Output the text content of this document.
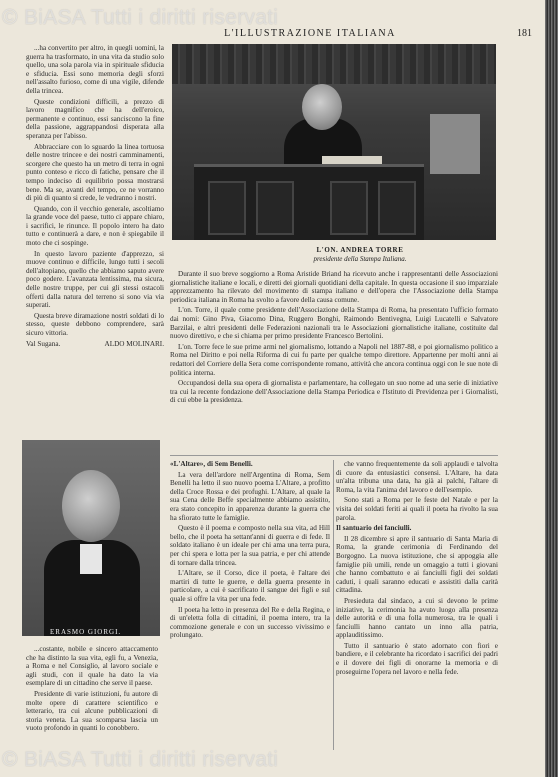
L'ILLUSTRAZIONE ITALIANA	181

...ha convertito per altro, in quegli uomini, la guerra ha trasformato, in una vita da studio solo quello, una sola parola via in spirituale sfiducia e sfiducia. Essi sono memoria degli sforzi nell'assalto furioso, come di una vigile, difende della trincea.

Queste condizioni difficili, a prezzo di lavoro magnifico che ha dell'eroico, permanente e continuo, essi sanciscono la fine della passione, aggrappandosi disperata alla speranza per l'abisso.

Abbracciare con lo sguardo la linea tortuosa delle nostre trincee e dei nostri camminamenti, scorgere che questo ha un metro di terra in ogni punto conteso e ricco di fatiche, pensare che il tempo indeciso di equilibrio possa mostrarsi bene. Ma se, avanti del tempo, ce ne vorranno di più di quanto si crede, le vedranno i nostri.

Quando, con il vecchio generale, ascoltiamo la grande voce del paese, tutto ci appare chiaro, i sacrifici, le rinunce. Il popolo intero ha dato tutto e continuerà a dare, e non è spiegabile il moto che ci sospinge.

In questo lavoro paziente d'apprezzo, si muove continuo e difficile, lungo tutti i secoli dell'altopiano, quello che abbiamo saputo avere poco godere. L'avanzata lentissima, ma sicura, delle nostre truppe, per cui gli stessi ostacoli offerti dalla natura del terreno si sono via via superati.

Questa breve diramazione nostri soldati di lo stesso, queste debbono comprendere, sarà sicuro vittoria.

Val Sugana.	ALDO MOLINARI.
L'ON. ANDREA TORRE
presidente della Stampa Italiana.

Durante il suo breve soggiorno a Roma Aristide Briand ha ricevuto anche i rappresentanti delle Associazioni giornalistiche italiane e locali, e diretti dei giornali quotidiani della capitale. In questa occasione il suo imparziale apprezzamento ha rilevato del movimento di stampa italiano e dell'opera che l'Associazione della Stampa periodica italiana in Roma ha svolto a favore della causa comune.

L'on. Torre, il quale come presidente dell'Associazione della Stampa di Roma, ha presentato l'ufficio formato dai nomi: Gino Piva, Giacomo Dina, Ruggero Bonghi, Raimondo Bentivegna, Luigi Lucatelli e Salvatore Barzilai, e altri presidenti delle Federazioni nazionali tra le Associazioni giornalistiche italiane, costituite dal nuovo direttivo, e che si chiama per primo presidente Francesco Bertolini.

L'on. Torre fece le sue prime armi nel giornalismo, lottando a Napoli nel 1887-88, e poi giornalismo politico a Roma nel Diritto e poi nella Riforma di cui fu parte per qualche tempo direttore. Appartenne per molti anni ai redattori del Corriere della Sera come corrispondente romano, attività che ancora continua oggi con le sue note di politica interna.

Occupandosi della sua opera di giornalista e parlamentare, ha collegato un suo nome ad una serie di iniziative tra cui la recente fondazione dell'Associazione della Stampa Periodica e l'Istituto di Previdenza per i Giornalisti, di cui ebbe la presidenza.

ERASMO GIORGI.

...costante, nobile e sincero attaccamento che ha distinto la sua vita, egli fu, a Venezia, a Roma e nel Consiglio, al lavoro sociale e agli studi, con il quale ha dato la via esemplare di un cittadino che serve il paese.

Presidente di varie istituzioni, fu autore di molte opere di carattere scientifico e letterario, tra cui alcune pubblicazioni di storia veneta. La sua scomparsa lascia un vuoto profondo in quanti lo conobbero.

«L'Altare», di Sem Benelli.

La vera dell'ardore nell'Argentina di Roma, Sem Benelli ha letto il suo nuovo poema L'Altare, a profitto della Croce Rossa e dei profughi. L'Altare, al quale la sua Cena delle Beffe specialmente abbiamo assistito, era stato concepito in apparenza durante la guerra che ha sfiorato tutte le famiglie.

Questo è il poema e composto nella sua vita, ad Hill bello, che il poeta ha settant'anni di guerra e di fede. Il soldato italiano è un ideale per chi ama una terra pura, per chi spera e lotta per la sua patria, e per chi attende di tornare dalla trincea.

L'Altare, se il Corso, dice il poeta, è l'altare dei martiri di tutte le guerre, e della guerra presente in particolare, a cui è sacrificato il sangue dei figli e sul quale si offre la vita per una fede.

Il poeta ha letto in presenza del Re e della Regina, e di un'eletta folla di cittadini, il poema intero, tra la commozione generale e con un successo vivissimo e prolungato.

che vanno frequentemente da soli applaudi e talvolta di cuore da entusiastici consensi. L'Altare, ha data un'alta tribuna una data, ha già ai palchi, l'altare di Roma, la vita l'anima del lavoro e dell'esempio.

Sono stati a Roma per le feste del Natale e per la visita dei soldati feriti ai quali il poeta ha rivolto la sua parola.

Il santuario dei fanciulli.

Il 28 dicembre si apre il santuario di Santa Maria di Roma, la grande cerimonia di Ferdinando del Borgogno. La nuova istituzione, che si appoggia alle famiglie più umili, rende un omaggio a tutti i giovani che hanno combattuto e ai fanciulli figli dei soldati caduti, i quali saranno educati e assistiti dalla carità cittadina.

Presieduta dal sindaco, a cui si devono le prime iniziative, la cerimonia ha avuto luogo alla presenza delle autorità e di una folla numerosa, tra le quali i fanciulli hanno cantato un inno alla patria, applauditissimo.

Tutto il santuario è stato adornato con fiori e bandiere, e il celebrante ha ricordato i sacrifici dei padri e il dovere dei figli di onorarne la memoria e di proseguirne l'opera nel lavoro e nella fede.

© BiASA Tutti i diritti riservati
© BiASA Tutti i diritti riservati
